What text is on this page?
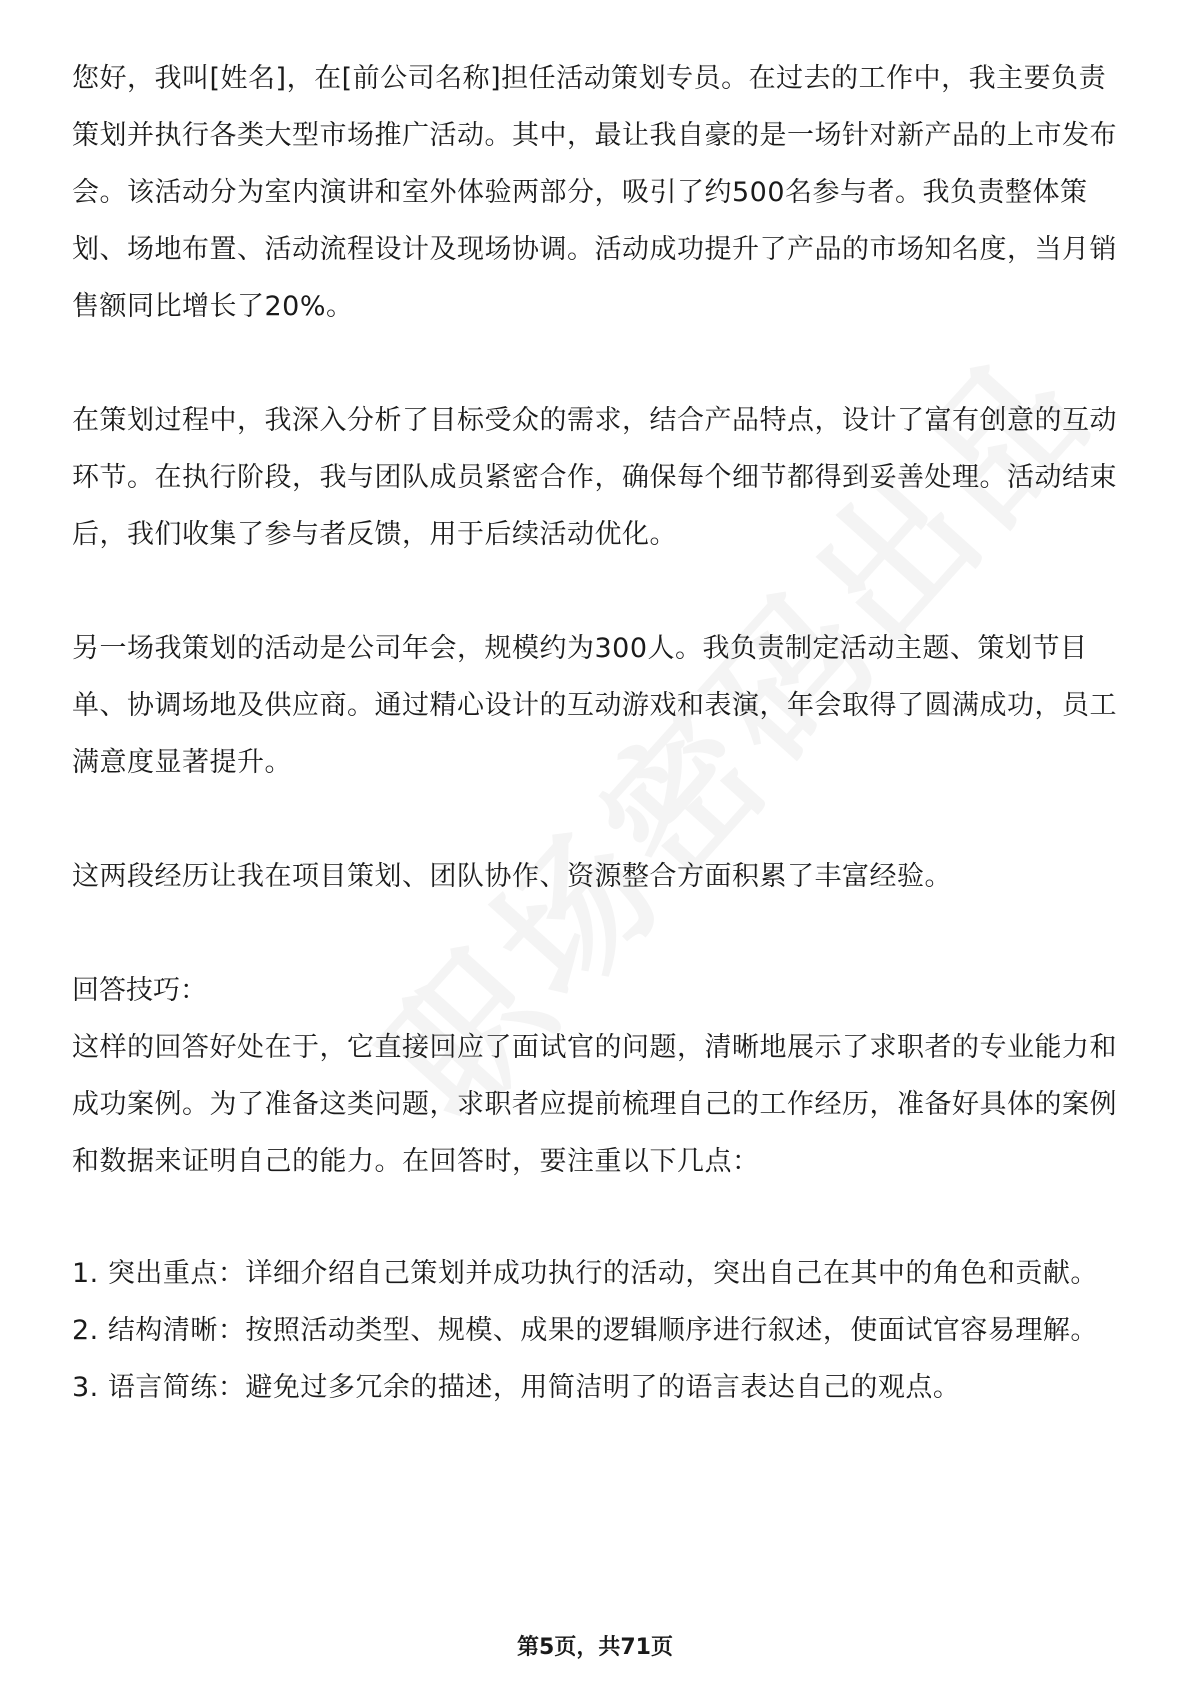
您好，我叫[姓名]，在[前公司名称]担任活动策划专员。在过去的工作中，我主要负责策划并执行各类大型市场推广活动。其中，最让我自豪的是一场针对新产品的上市发布会。该活动分为室内演讲和室外体验两部分，吸引了约500名参与者。我负责整体策划、场地布置、活动流程设计及现场协调。活动成功提升了产品的市场知名度，当月销售额同比增长了20%。

在策划过程中，我深入分析了目标受众的需求，结合产品特点，设计了富有创意的互动环节。在执行阶段，我与团队成员紧密合作，确保每个细节都得到妥善处理。活动结束后，我们收集了参与者反馈，用于后续活动优化。

另一场我策划的活动是公司年会，规模约为300人。我负责制定活动主题、策划节目单、协调场地及供应商。通过精心设计的互动游戏和表演，年会取得了圆满成功，员工满意度显著提升。

这两段经历让我在项目策划、团队协作、资源整合方面积累了丰富经验。

回答技巧：

这样的回答好处在于，它直接回应了面试官的问题，清晰地展示了求职者的专业能力和成功案例。为了准备这类问题，求职者应提前梳理自己的工作经历，准备好具体的案例和数据来证明自己的能力。在回答时，要注重以下几点：

1. 突出重点：详细介绍自己策划并成功执行的活动，突出自己在其中的角色和贡献。

2. 结构清晰：按照活动类型、规模、成果的逻辑顺序进行叙述，使面试官容易理解。

3. 语言简练：避免过多冗余的描述，用简洁明了的语言表达自己的观点。

第5页，共71页
